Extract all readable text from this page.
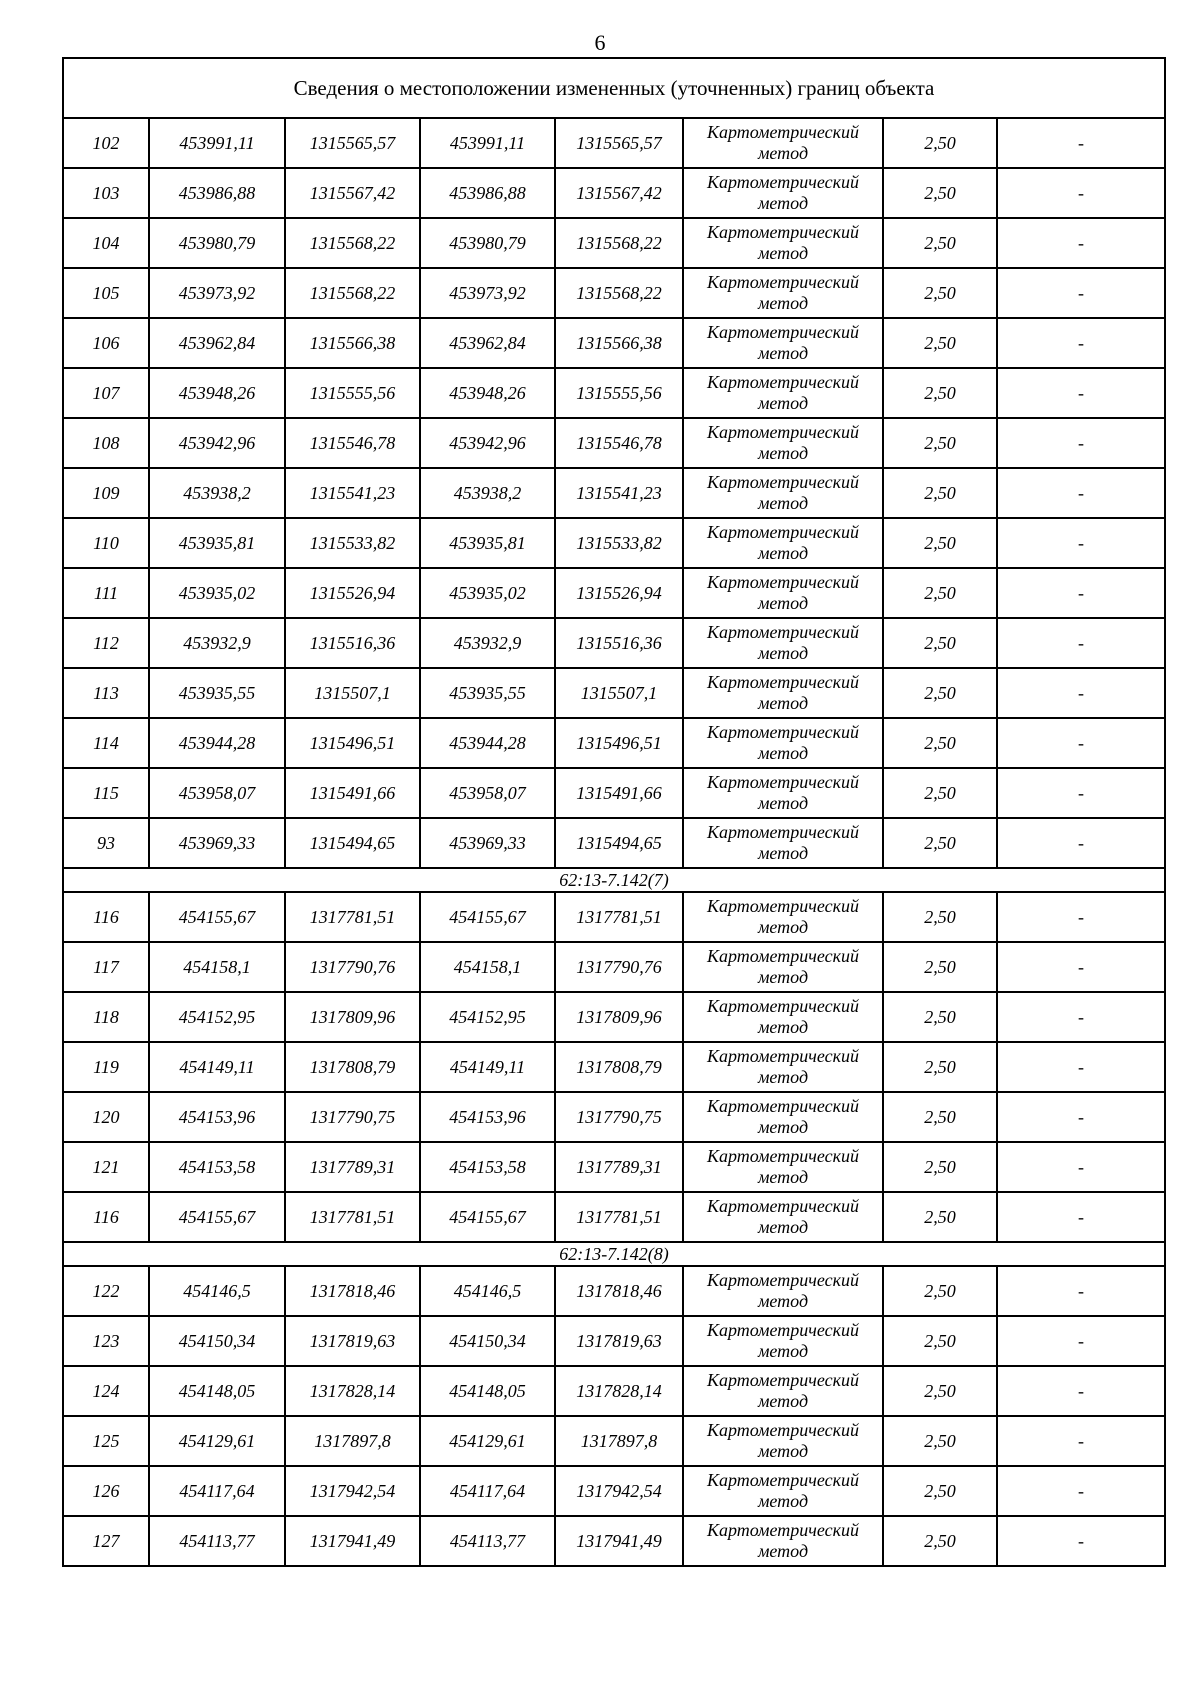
6
Сведения о местоположении измененных (уточненных) границ объекта							
102	453991,11	1315565,57	453991,11	1315565,57	Картометрический метод	2,50	-
103	453986,88	1315567,42	453986,88	1315567,42	Картометрический метод	2,50	-
104	453980,79	1315568,22	453980,79	1315568,22	Картометрический метод	2,50	-
105	453973,92	1315568,22	453973,92	1315568,22	Картометрический метод	2,50	-
106	453962,84	1315566,38	453962,84	1315566,38	Картометрический метод	2,50	-
107	453948,26	1315555,56	453948,26	1315555,56	Картометрический метод	2,50	-
108	453942,96	1315546,78	453942,96	1315546,78	Картометрический метод	2,50	-
109	453938,2	1315541,23	453938,2	1315541,23	Картометрический метод	2,50	-
110	453935,81	1315533,82	453935,81	1315533,82	Картометрический метод	2,50	-
111	453935,02	1315526,94	453935,02	1315526,94	Картометрический метод	2,50	-
112	453932,9	1315516,36	453932,9	1315516,36	Картометрический метод	2,50	-
113	453935,55	1315507,1	453935,55	1315507,1	Картометрический метод	2,50	-
114	453944,28	1315496,51	453944,28	1315496,51	Картометрический метод	2,50	-
115	453958,07	1315491,66	453958,07	1315491,66	Картометрический метод	2,50	-
93	453969,33	1315494,65	453969,33	1315494,65	Картометрический метод	2,50	-
62:13-7.142(7)							
116	454155,67	1317781,51	454155,67	1317781,51	Картометрический метод	2,50	-
117	454158,1	1317790,76	454158,1	1317790,76	Картометрический метод	2,50	-
118	454152,95	1317809,96	454152,95	1317809,96	Картометрический метод	2,50	-
119	454149,11	1317808,79	454149,11	1317808,79	Картометрический метод	2,50	-
120	454153,96	1317790,75	454153,96	1317790,75	Картометрический метод	2,50	-
121	454153,58	1317789,31	454153,58	1317789,31	Картометрический метод	2,50	-
116	454155,67	1317781,51	454155,67	1317781,51	Картометрический метод	2,50	-
62:13-7.142(8)							
122	454146,5	1317818,46	454146,5	1317818,46	Картометрический метод	2,50	-
123	454150,34	1317819,63	454150,34	1317819,63	Картометрический метод	2,50	-
124	454148,05	1317828,14	454148,05	1317828,14	Картометрический метод	2,50	-
125	454129,61	1317897,8	454129,61	1317897,8	Картометрический метод	2,50	-
126	454117,64	1317942,54	454117,64	1317942,54	Картометрический метод	2,50	-
127	454113,77	1317941,49	454113,77	1317941,49	Картометрический метод	2,50	-
